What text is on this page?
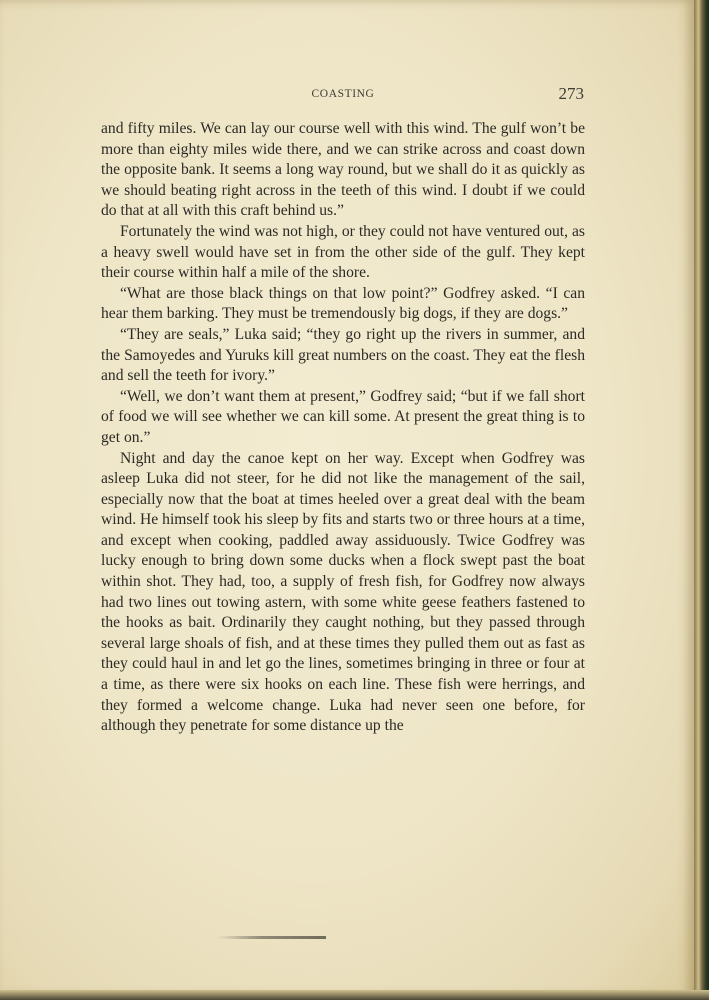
COASTING	273

and fifty miles. We can lay our course well with this wind. The gulf won’t be more than eighty miles wide there, and we can strike across and coast down the opposite bank. It seems a long way round, but we shall do it as quickly as we should beating right across in the teeth of this wind. I doubt if we could do that at all with this craft behind us.”

Fortunately the wind was not high, or they could not have ventured out, as a heavy swell would have set in from the other side of the gulf. They kept their course within half a mile of the shore.

“What are those black things on that low point?” Godfrey asked. “I can hear them barking. They must be tremendously big dogs, if they are dogs.”

“They are seals,” Luka said; “they go right up the rivers in summer, and the Samoyedes and Yuruks kill great numbers on the coast. They eat the flesh and sell the teeth for ivory.”

“Well, we don’t want them at present,” Godfrey said; “but if we fall short of food we will see whether we can kill some. At present the great thing is to get on.”

Night and day the canoe kept on her way. Except when Godfrey was asleep Luka did not steer, for he did not like the management of the sail, especially now that the boat at times heeled over a great deal with the beam wind. He himself took his sleep by fits and starts two or three hours at a time, and except when cooking, paddled away assiduously. Twice Godfrey was lucky enough to bring down some ducks when a flock swept past the boat within shot. They had, too, a supply of fresh fish, for Godfrey now always had two lines out towing astern, with some white geese feathers fastened to the hooks as bait. Ordinarily they caught nothing, but they passed through several large shoals of fish, and at these times they pulled them out as fast as they could haul in and let go the lines, sometimes bringing in three or four at a time, as there were six hooks on each line. These fish were herrings, and they formed a welcome change. Luka had never seen one before, for although they penetrate for some distance up the
